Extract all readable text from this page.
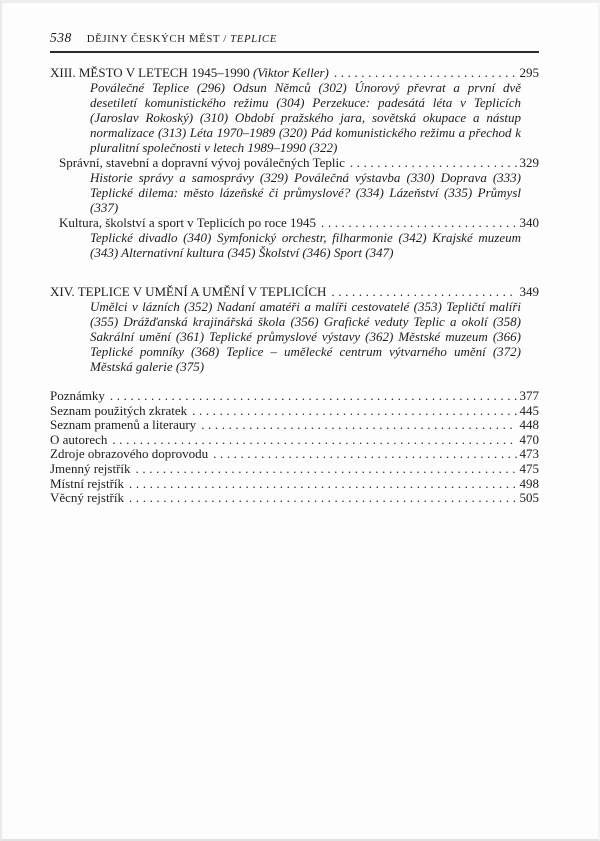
538 DĚJINY ČESKÝCH MĚST / TEPLICE
XIII. MĚSTO V LETECH 1945–1990 (Viktor Keller) .....	295

Poválečné Teplice (296) Odsun Němců (302) Únorový převrat a první dvě desetiletí komunistického režimu (304) Perzekuce: padesátá léta v Teplicích (Jaroslav Rokoský) (310) Období pražského jara, sovětská okupace a nástup normalizace (313) Léta 1970–1989 (320) Pád komunistického režimu a přechod k pluralitní společnosti v letech 1989–1990 (322)

Správní, stavební a dopravní vývoj poválečných Teplic .....	329

Historie správy a samosprávy (329) Poválečná výstavba (330) Doprava (333) Teplické dilema: město lázeňské či průmyslové? (334) Lázeňství (335) Průmysl (337)

Kultura, školství a sport v Teplicích po roce 1945 .....	340

Teplické divadlo (340) Symfonický orchestr, filharmonie (342) Krajské muzeum (343) Alternativní kultura (345) Školství (346) Sport (347)

XIV. TEPLICE V UMĚNÍ A UMĚNÍ V TEPLICÍCH .....	349

Umělci v lázních (352) Nadaní amatéři a malíři cestovatelé (353) Tepličtí malíři (355) Drážďanská krajinářská škola (356) Grafické veduty Teplic a okolí (358) Sakrální umění (361) Teplické průmyslové výstavy (362) Městské muzeum (366) Teplické pomníky (368) Teplice – umělecké centrum výtvarného umění (372) Městská galerie (375)

Poznámky .....	377
Seznam použitých zkratek .....	445
Seznam pramenů a literaury .....	448
O autorech .....	470
Zdroje obrazového doprovodu .....	473
Jmenný rejstřík .....	475
Místní rejstřík .....	498
Věcný rejstřík .....	505
